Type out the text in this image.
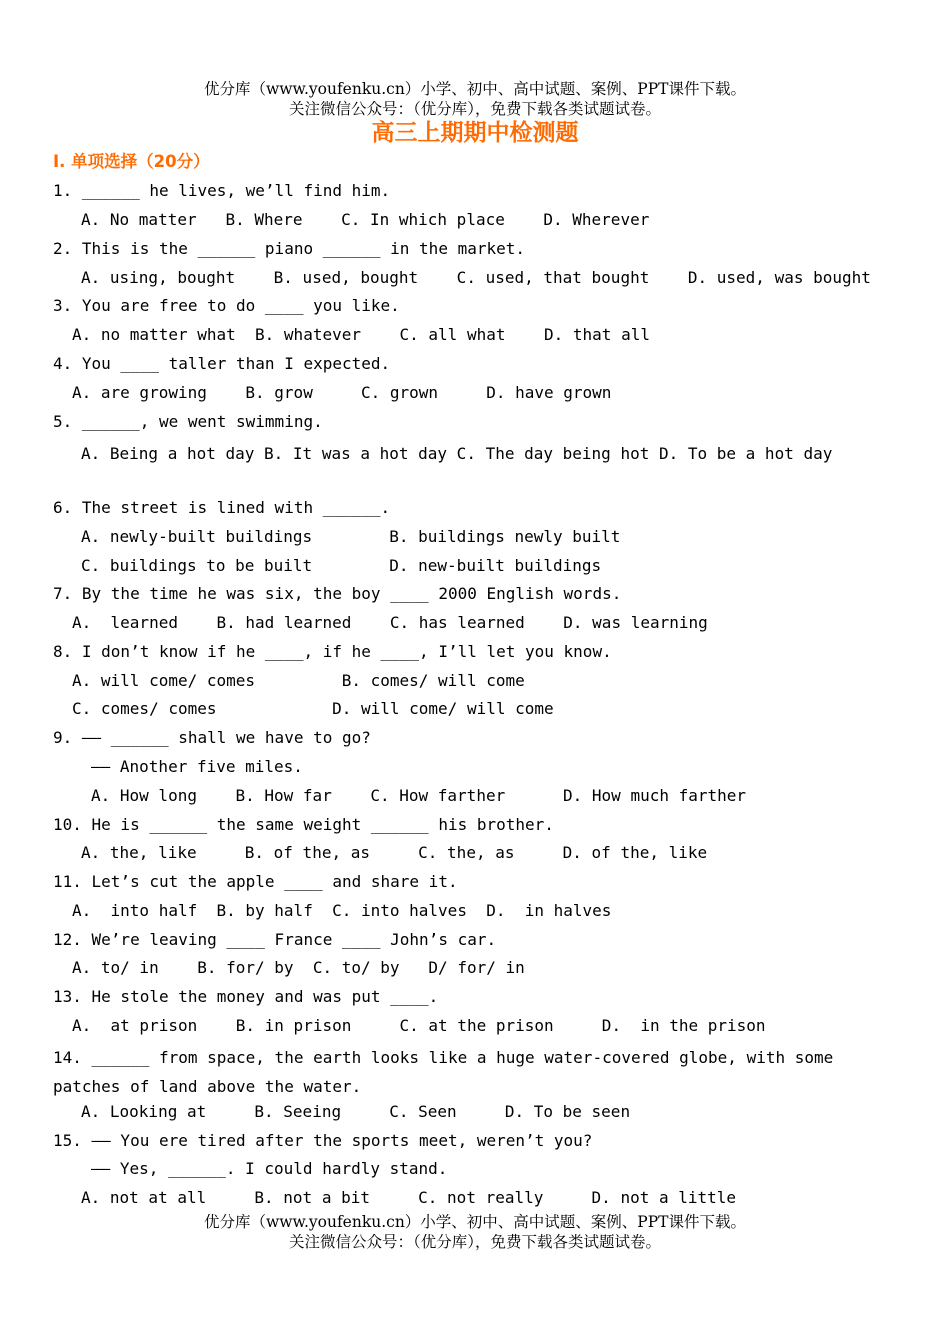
优分库（www.youfenku.cn）小学、初中、高中试题、案例、PPT课件下载。
关注微信公众号：（优分库），免费下载各类试题试卷。
高三上期期中检测题
I. 单项选择（20分）
1. ______ he lives, we’ll find him.
A. No matter   B. Where    C. In which place    D. Wherever
2. This is the ______ piano ______ in the market.
A. using, bought    B. used, bought    C. used, that bought    D. used, was bought
3. You are free to do ____ you like.
A. no matter what  B. whatever    C. all what    D. that all
4. You ____ taller than I expected.
A. are growing    B. grow     C. grown     D. have grown
5. ______, we went swimming.
A. Being a hot day B. It was a hot day C. The day being hot D. To be a hot day
6. The street is lined with ______.
A. newly-built buildings        B. buildings newly built
C. buildings to be built        D. new-built buildings
7. By the time he was six, the boy ____ 2000 English words.
A.  learned    B. had learned    C. has learned    D. was learning
8. I don’t know if he ____, if he ____, I’ll let you know.
A. will come/ comes         B. comes/ will come
C. comes/ comes            D. will come/ will come
9. —— ______ shall we have to go?
—— Another five miles.
A. How long    B. How far    C. How farther      D. How much farther
10. He is ______ the same weight ______ his brother.
A. the, like     B. of the, as     C. the, as     D. of the, like
11. Let’s cut the apple ____ and share it.
A.  into half  B. by half  C. into halves  D.  in halves
12. We’re leaving ____ France ____ John’s car.
A. to/ in    B. for/ by  C. to/ by   D/ for/ in
13. He stole the money and was put ____.
A.  at prison    B. in prison     C. at the prison     D.  in the prison
14. ______ from space, the earth looks like a huge water-covered globe, with some patches of land above the water.
A. Looking at     B. Seeing     C. Seen     D. To be seen
15. —— You ere tired after the sports meet, weren’t you?
—— Yes, ______. I could hardly stand.
A. not at all     B. not a bit     C. not really     D. not a little
优分库（www.youfenku.cn）小学、初中、高中试题、案例、PPT课件下载。
关注微信公众号：（优分库），免费下载各类试题试卷。
